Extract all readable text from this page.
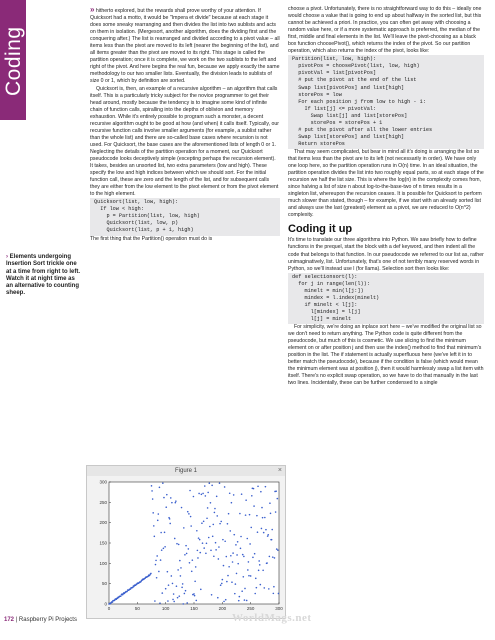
Coding

» hitherto explored, but the rewards shall prove worthy of your attention. If Quicksort had a motto, it would be "Impera et divide" because at each stage it does some sneaky rearranging and then divides the list into two sublists and acts on them in isolation. (Mergesort, another algorithm, does the dividing first and the conquering after.) The list is rearranged and divided according to a pivot value – all items less than the pivot are moved to its left (nearer the beginning of the list), and all items greater than the pivot are moved to its right. This stage is called the partition operation; once it is complete, we work on the two sublists to the left and right of the pivot. And here begins the real fun, because we apply exactly the same methodology to our two smaller lists. Eventually, the division leads to sublists of size 0 or 1, which by definition are sorted.

Quicksort is, then, an example of a recursive algorithm – an algorithm that calls itself. This is a particularly tricky subject for the novice programmer to get their head around, mostly because the tendency is to imagine some kind of infinite chain of function calls, spiralling into the depths of oblivion and memory exhaustion. While it's entirely possible to program such a monster, a decent recursive algorithm ought to be good at how (and when) it calls itself. Typically, our recursive function calls involve smaller arguments (for example, a sublist rather than the whole list) and there are so-called base cases where recursion is not used. For Quicksort, the base cases are the aforementioned lists of length 0 or 1. Neglecting the details of the partition operation for a moment, our Quicksort pseudocode looks deceptively simple (excepting perhaps the recursion element). It takes, besides an unsorted list, two extra parameters (low and high). These specify the low and high indices between which we should sort. For the initial function call, these are zero and the length of the list, and for subsequent calls they are either from the low element to the pivot element or from the pivot element to the high element.

Quicksort(list, low, high):
If low < high:
p = Partition(list, low, high)
Quicksort(list, low, p)
Quicksort(list, p + 1, high)

The first thing that the Partition() operation must do is

choose a pivot. Unfortunately, there is no straightforward way to do this – ideally one would choose a value that is going to end up about halfway in the sorted list, but this cannot be achieved a priori. In practice, you can often get away with choosing a random value here, or if a more systematic approach is preferred, the median of the first, middle and final elements in the list. We'll leave the pivot-choosing as a black box function choosePivot(), which returns the index of the pivot. So our partition operation, which also returns the index of the pivot, looks like:

Partition(list, low, high):
pivotPos = choosePivot(list, low, high)
pivotVal = list[pivotPos]
# put the pivot at the end of the list
Swap list[pivotPos] and list[high]
storePos = low
For each position j from low to high - 1:
If list[j] <= pivotVal:
Swap list[j] and list[storePos]
storePos = storePos + 1
# put the pivot after all the lower entries
Swap list[storePos] and list[high]
Return storePos

That may seem complicated, but bear in mind all it's doing is arranging the list so that items less than the pivot are to its left (not necessarily in order). We have only one loop here, so the partition operation runs in O(n) time. In an ideal situation, the partition operation divides the list into two roughly equal parts, so at each stage of the recursion we half the list size. This is where the log(n) in the complexity comes from, since halving a list of size n about log-to-the-base-two of n times results in a singleton list, whereupon the recursion ceases. It is possible for Quicksort to perform much slower than stated, though – for example, if we start with an already sorted list and always use the last (greatest) element as a pivot, we are reduced to O(n^2) complexity.

Coding it up

It's time to translate our three algorithms into Python. We saw briefly how to define functions in the prequel, start the block with a def keyword, and then indent all the code that belongs to that function. In our pseudocode we referred to our list as, rather unimaginatively, list. Unfortunately, that's one of not terribly many reserved words in Python, so we'll instead use l (for llama). Selection sort then looks like:

def selectionsort(l):
for j in range(len(l)):
minelt = min(l[j:])
mindex = l.index(minelt)
if minelt < l[j]:
l[mindex] = l[j]
l[j] = minelt

For simplicity, we're doing an inplace sort here – we've modified the original list so we don't need to return anything. The Python code is quite different from the pseudocode, but much of this is cosmetic. We use slicing to find the minimum element on or after position j and then use the index() method to find that minimum's position in the list. The if statement is actually superfluous here (we've left it in to better match the pseudocode), because if the condition is false (which would mean the minimum element was at position j), then it would harmlessly swap a list item with itself. There's no explicit swap operation, so we have to do that manually in the last two lines. Incidentally, these can be further condensed to a single

› Elements undergoing Insertion Sort trickle one at a time from right to left. Watch it at night time as an alternative to counting sheep.
Figure 1	×
0	50	100	150	200	250	300
0
50
100
150
200
250
300
172 | Raspberry Pi Projects	WorldMags.net
